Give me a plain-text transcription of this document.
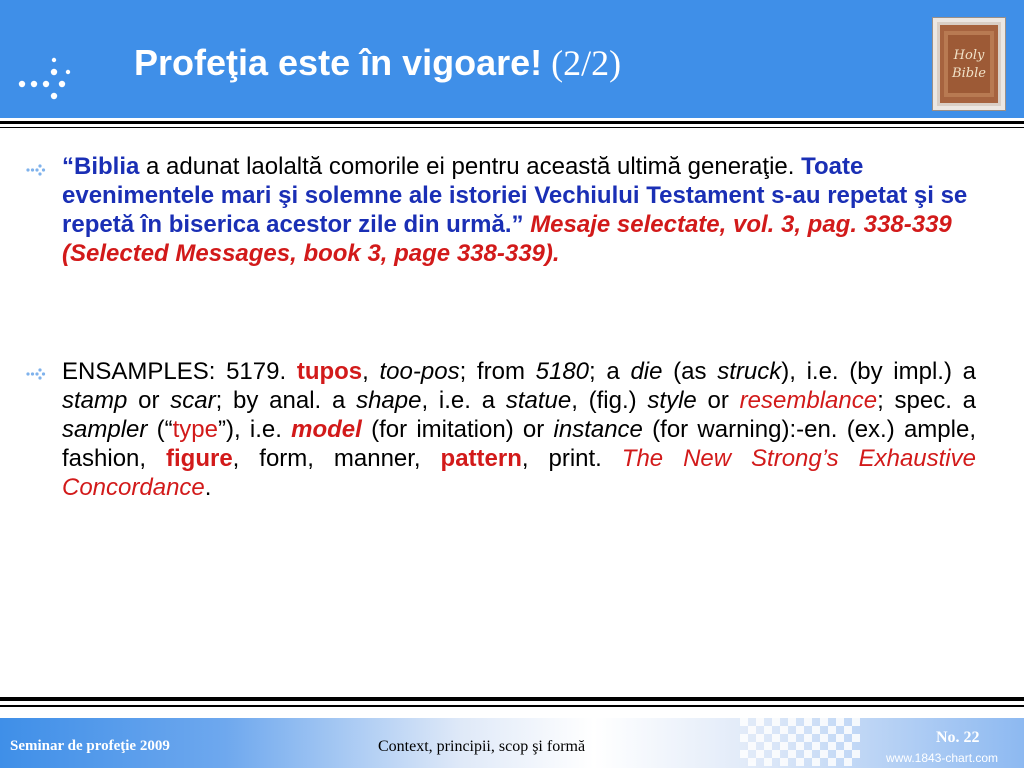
Profeţia este în vigoare! (2/2)	Holy
Bible
“Biblia a adunat laolaltă comorile ei pentru această ultimă generaţie. Toate evenimentele mari şi solemne ale istoriei Vechiului Testament s-au repetat şi se repetă în biserica acestor zile din urmă.” Mesaje selectate, vol. 3, pag. 338-339 (Selected Messages, book 3, page 338-339).
ENSAMPLES: 5179. tupos, too-pos; from 5180; a die (as struck), i.e. (by impl.) a stamp or scar; by anal. a shape, i.e. a statue, (fig.) style or resemblance; spec. a sampler (“type”), i.e. model (for imitation) or instance (for warning):-en. (ex.) ample, fashion, figure, form, manner, pattern, print. The New Strong’s Exhaustive Concordance.
Seminar de profeţie 2009	Context, principii, scop şi formă
No. 22
www.1843-chart.com
